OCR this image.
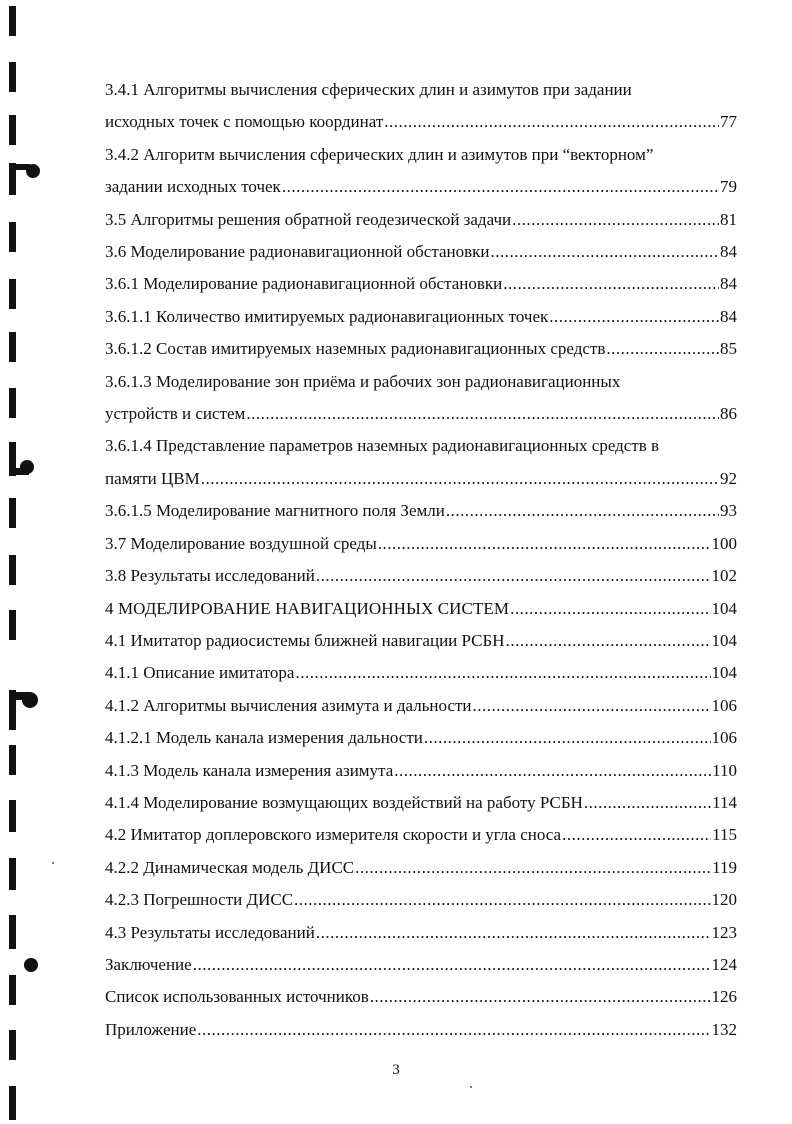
3.4.1 Алгоритмы вычисления сферических длин и азимутов при задании
исходных точек с помощью координат .....	77
3.4.2 Алгоритм вычисления сферических длин и азимутов при “векторном”
задании исходных точек .....	79
3.5 Алгоритмы решения обратной геодезической задачи .....	81
3.6 Моделирование радионавигационной обстановки .....	84
3.6.1 Моделирование радионавигационной обстановки .....	84
3.6.1.1 Количество имитируемых радионавигационных точек .....	84
3.6.1.2 Состав имитируемых наземных радионавигационных средств .....	85
3.6.1.3 Моделирование зон приёма и рабочих зон радионавигационных
устройств и систем .....	86
3.6.1.4 Представление параметров наземных радионавигационных средств в
памяти ЦВМ .....	92
3.6.1.5 Моделирование магнитного поля Земли .....	93
3.7 Моделирование воздушной среды .....	100
3.8 Результаты исследований .....	102
4 МОДЕЛИРОВАНИЕ НАВИГАЦИОННЫХ СИСТЕМ .....	104
4.1 Имитатор радиосистемы ближней навигации РСБН .....	104
4.1.1 Описание имитатора .....	104
4.1.2 Алгоритмы вычисления азимута и дальности .....	106
4.1.2.1 Модель канала измерения дальности .....	106
4.1.3 Модель канала измерения азимута .....	110
4.1.4 Моделирование возмущающих воздействий на работу РСБН .....	114
4.2 Имитатор доплеровского измерителя скорости и угла сноса .....	115
4.2.2 Динамическая модель ДИСС .....	119
4.2.3 Погрешности ДИСС .....	120
4.3 Результаты исследований .....	123
Заключение .....	124
Список использованных источников .....	126
Приложение .....	132
3
